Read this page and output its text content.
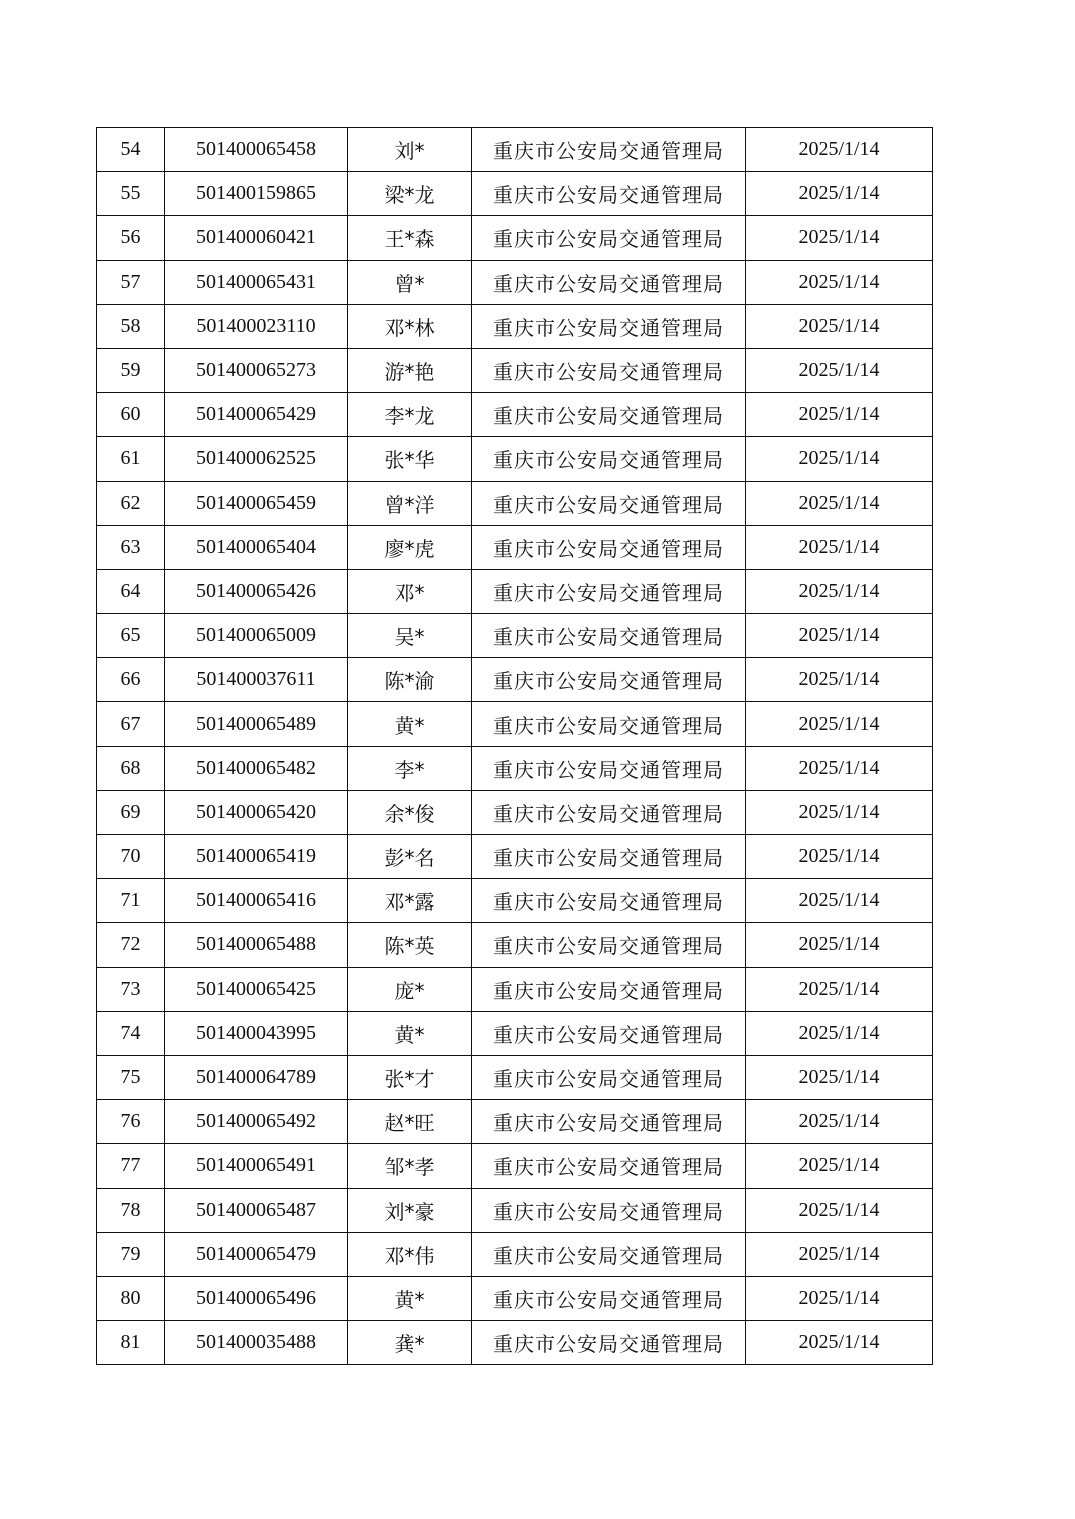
54	501400065458	刘*	重庆市公安局交通管理局	2025/1/14
55	501400159865	梁*龙	重庆市公安局交通管理局	2025/1/14
56	501400060421	王*森	重庆市公安局交通管理局	2025/1/14
57	501400065431	曾*	重庆市公安局交通管理局	2025/1/14
58	501400023110	邓*林	重庆市公安局交通管理局	2025/1/14
59	501400065273	游*艳	重庆市公安局交通管理局	2025/1/14
60	501400065429	李*龙	重庆市公安局交通管理局	2025/1/14
61	501400062525	张*华	重庆市公安局交通管理局	2025/1/14
62	501400065459	曾*洋	重庆市公安局交通管理局	2025/1/14
63	501400065404	廖*虎	重庆市公安局交通管理局	2025/1/14
64	501400065426	邓*	重庆市公安局交通管理局	2025/1/14
65	501400065009	吴*	重庆市公安局交通管理局	2025/1/14
66	501400037611	陈*渝	重庆市公安局交通管理局	2025/1/14
67	501400065489	黄*	重庆市公安局交通管理局	2025/1/14
68	501400065482	李*	重庆市公安局交通管理局	2025/1/14
69	501400065420	余*俊	重庆市公安局交通管理局	2025/1/14
70	501400065419	彭*名	重庆市公安局交通管理局	2025/1/14
71	501400065416	邓*露	重庆市公安局交通管理局	2025/1/14
72	501400065488	陈*英	重庆市公安局交通管理局	2025/1/14
73	501400065425	庞*	重庆市公安局交通管理局	2025/1/14
74	501400043995	黄*	重庆市公安局交通管理局	2025/1/14
75	501400064789	张*才	重庆市公安局交通管理局	2025/1/14
76	501400065492	赵*旺	重庆市公安局交通管理局	2025/1/14
77	501400065491	邹*孝	重庆市公安局交通管理局	2025/1/14
78	501400065487	刘*豪	重庆市公安局交通管理局	2025/1/14
79	501400065479	邓*伟	重庆市公安局交通管理局	2025/1/14
80	501400065496	黄*	重庆市公安局交通管理局	2025/1/14
81	501400035488	龚*	重庆市公安局交通管理局	2025/1/14
